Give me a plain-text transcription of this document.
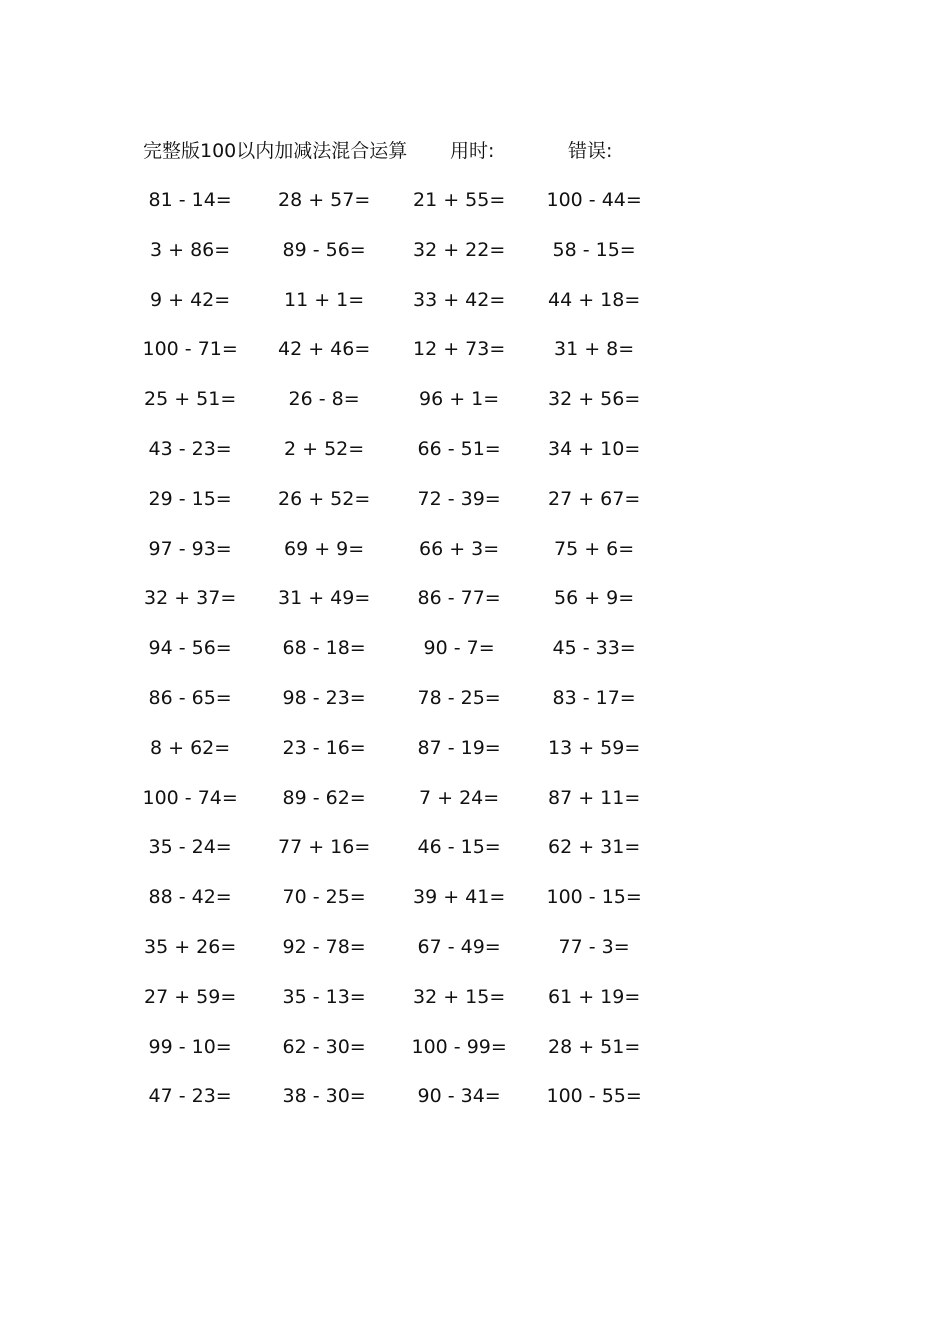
完整版100以内加减法混合运算 用时:	错误:
81 - 14= 28 + 57= 21 + 55= 100 - 44=
3 + 86=	89 - 56= 32 + 22= 58 - 15=
9 + 42=	11 + 1=	33 + 42= 44 + 18=
100 - 71= 42 + 46= 12 + 73=	31 + 8=
25 + 51=	26 - 8=	96 + 1=	32 + 56=
43 - 23=	2 + 52=	66 - 51= 34 + 10=
29 - 15= 26 + 52= 72 - 39= 27 + 67=
97 - 93=	69 + 9=	66 + 3=	75 + 6=
32 + 37= 31 + 49= 86 - 77=	56 + 9=
94 - 56=	68 - 18=	90 - 7=	45 - 33=
86 - 65=	98 - 23=	78 - 25=	83 - 17=
8 + 62=	23 - 16=	87 - 19= 13 + 59=
100 - 74= 89 - 62=	7 + 24=	87 + 11=
35 - 24= 77 + 16= 46 - 15= 62 + 31=
88 - 42=	70 - 25= 39 + 41= 100 - 15=
35 + 26= 92 - 78=	67 - 49=	77 - 3=
27 + 59= 35 - 13= 32 + 15= 61 + 19=
99 - 10=	62 - 30= 100 - 99= 28 + 51=
47 - 23=	38 - 30=	90 - 34= 100 - 55=
